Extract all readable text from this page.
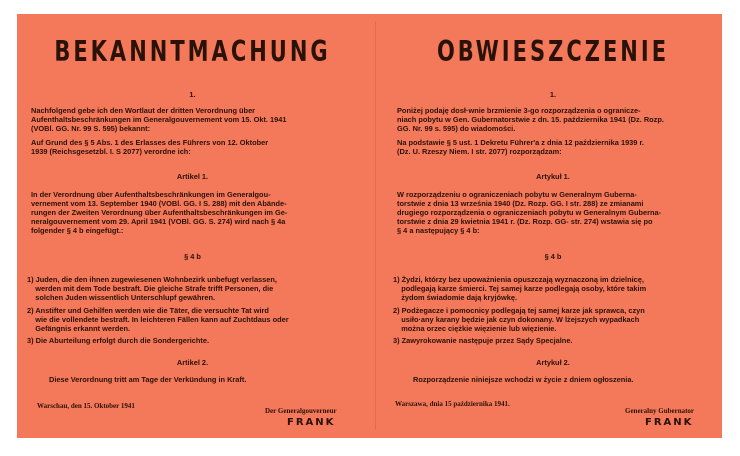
BEKANNTMACHUNG
1.
Nachfolgend gebe ich den Wortlaut der dritten Verordnung über
Aufenthaltsbeschränkungen im Generalgouvernement vom 15. Okt. 1941
(VOBl. GG. Nr. 99 S. 595) bekannt:
Auf Grund des § 5 Abs. 1 des Erlasses des Führers von 12. Oktober
1939 (Reichsgesetzbl. I. S 2077) verordne ich:
Artikel 1.
In der Verordnung über Aufenthaltsbeschränkungen im Generalgou-
vernement vom 13. September 1940 (VOBl. GG. I S. 288) mit den Abände-
rungen der Zweiten Verordnung über Aufenthaltsbeschränkungen im Ge-
neralgouvernement vom 29. April 1941 (VOBl. GG. S. 274) wird nach § 4a
folgender § 4 b eingefügt.:
§ 4 b
1) Juden, die den ihnen zugewiesenen Wohnbezirk unbefugt verlassen,
werden mit dem Tode bestraft. Die gleiche Strafe trifft Personen, die
solchen Juden wissentlich Unterschlupf gewähren.
2) Anstifter und Gehilfen werden wie die Täter, die versuchte Tat wird
wie die vollendete bestraft. In leichteren Fällen kann auf Zuchtdaus oder
Gefängnis erkannt werden.
3) Die Aburteilung erfolgt durch die Sondergerichte.
Artikel 2.
Diese Verordnung tritt am Tage der Verkündung in Kraft.
Warschau, den 15. Oktober 1941
Der Generalgouverneur
FRANK
OBWIESZCZENIE
1.
Poniżej podaję dosł·wnie brzmienie 3-go rozporządzenia o ogranicze-
niach pobytu w Gen. Gubernatorstwie z dn. 15. października 1941 (Dz. Rozp.
GG. Nr. 99 s. 595) do wiadomości.
Na podstawie § 5 ust. 1 Dekretu Führer'a z dnia 12 października 1939 r.
(Dz. U. Rzeszy Niem. I str. 2077) rozporządzam:
Artykuł 1.
W rozporządzeniu o ograniczeniach pobytu w Generalnym Guberna-
torstwie z dnia 13 września 1940 (Dz. Rozp. GG. I str. 288) ze zmianami
drugiego rozporządzenia o ograniczeniach pobytu w Generalnym Guberna-
torstwie z dnia 29 kwietnia 1941 r. (Dz. Rozp. GG- str. 274) wstawia się po
§ 4 a następujący § 4 b:
§ 4 b
1) Żydzi, którzy bez upoważnienia opuszczają wyznaczoną im dzielnicę,
podlegają karze śmierci. Tej samej karze podlegają osoby, które takim
żydom świadomie dają kryjówkę.
2) Podżegacze i pomocnicy podlegają tej samej karze jak sprawca, czyn
usiło·any karany będzie jak czyn dokonany. W lżejszych wypadkach
można orzec ciężkie więzienie lub więzienie.
3) Zawyrokowanie następuje przez Sądy Specjalne.
Artykuł 2.
Rozporządzenie niniejsze wchodzi w życie z dniem ogłoszenia.
Warszawa, dnia 15 października 1941.
Generalny Gubernator
FRANK
